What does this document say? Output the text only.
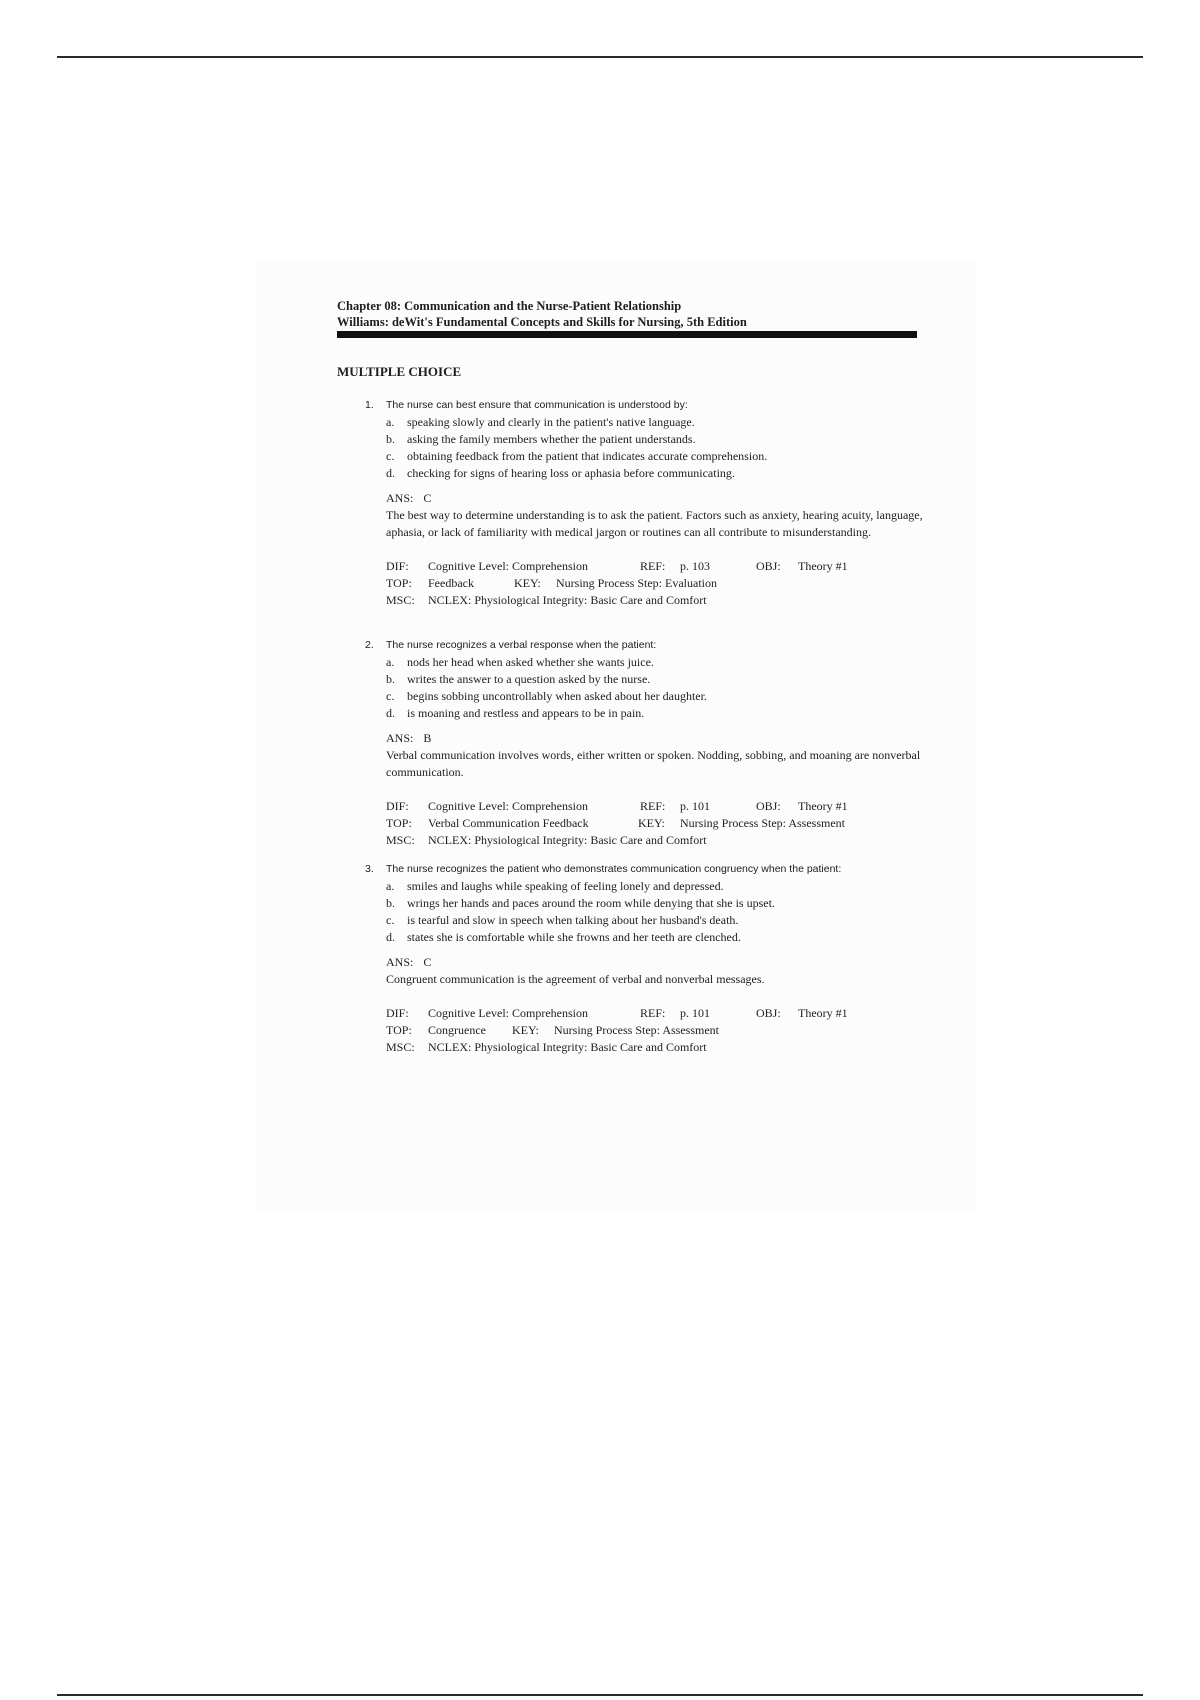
Chapter 08: Communication and the Nurse-Patient Relationship
Williams: deWit's Fundamental Concepts and Skills for Nursing, 5th Edition
MULTIPLE CHOICE
1. The nurse can best ensure that communication is understood by:
a. speaking slowly and clearly in the patient's native language.
b. asking the family members whether the patient understands.
c. obtaining feedback from the patient that indicates accurate comprehension.
d. checking for signs of hearing loss or aphasia before communicating.
ANS: C
The best way to determine understanding is to ask the patient. Factors such as anxiety, hearing acuity, language, aphasia, or lack of familiarity with medical jargon or routines can all contribute to misunderstanding.
DIF: Cognitive Level: Comprehension	REF: p. 103	OBJ: Theory #1
TOP: Feedback	KEY: Nursing Process Step: Evaluation
MSC: NCLEX: Physiological Integrity: Basic Care and Comfort
2. The nurse recognizes a verbal response when the patient:
a. nods her head when asked whether she wants juice.
b. writes the answer to a question asked by the nurse.
c. begins sobbing uncontrollably when asked about her daughter.
d. is moaning and restless and appears to be in pain.
ANS: B
Verbal communication involves words, either written or spoken. Nodding, sobbing, and moaning are nonverbal communication.
DIF: Cognitive Level: Comprehension	REF: p. 101	OBJ: Theory #1
TOP: Verbal Communication Feedback	KEY: Nursing Process Step: Assessment
MSC: NCLEX: Physiological Integrity: Basic Care and Comfort
3. The nurse recognizes the patient who demonstrates communication congruency when the patient:
a. smiles and laughs while speaking of feeling lonely and depressed.
b. wrings her hands and paces around the room while denying that she is upset.
c. is tearful and slow in speech when talking about her husband's death.
d. states she is comfortable while she frowns and her teeth are clenched.
ANS: C
Congruent communication is the agreement of verbal and nonverbal messages.
DIF: Cognitive Level: Comprehension	REF: p. 101	OBJ: Theory #1
TOP: Congruence KEY: Nursing Process Step: Assessment
MSC: NCLEX: Physiological Integrity: Basic Care and Comfort
